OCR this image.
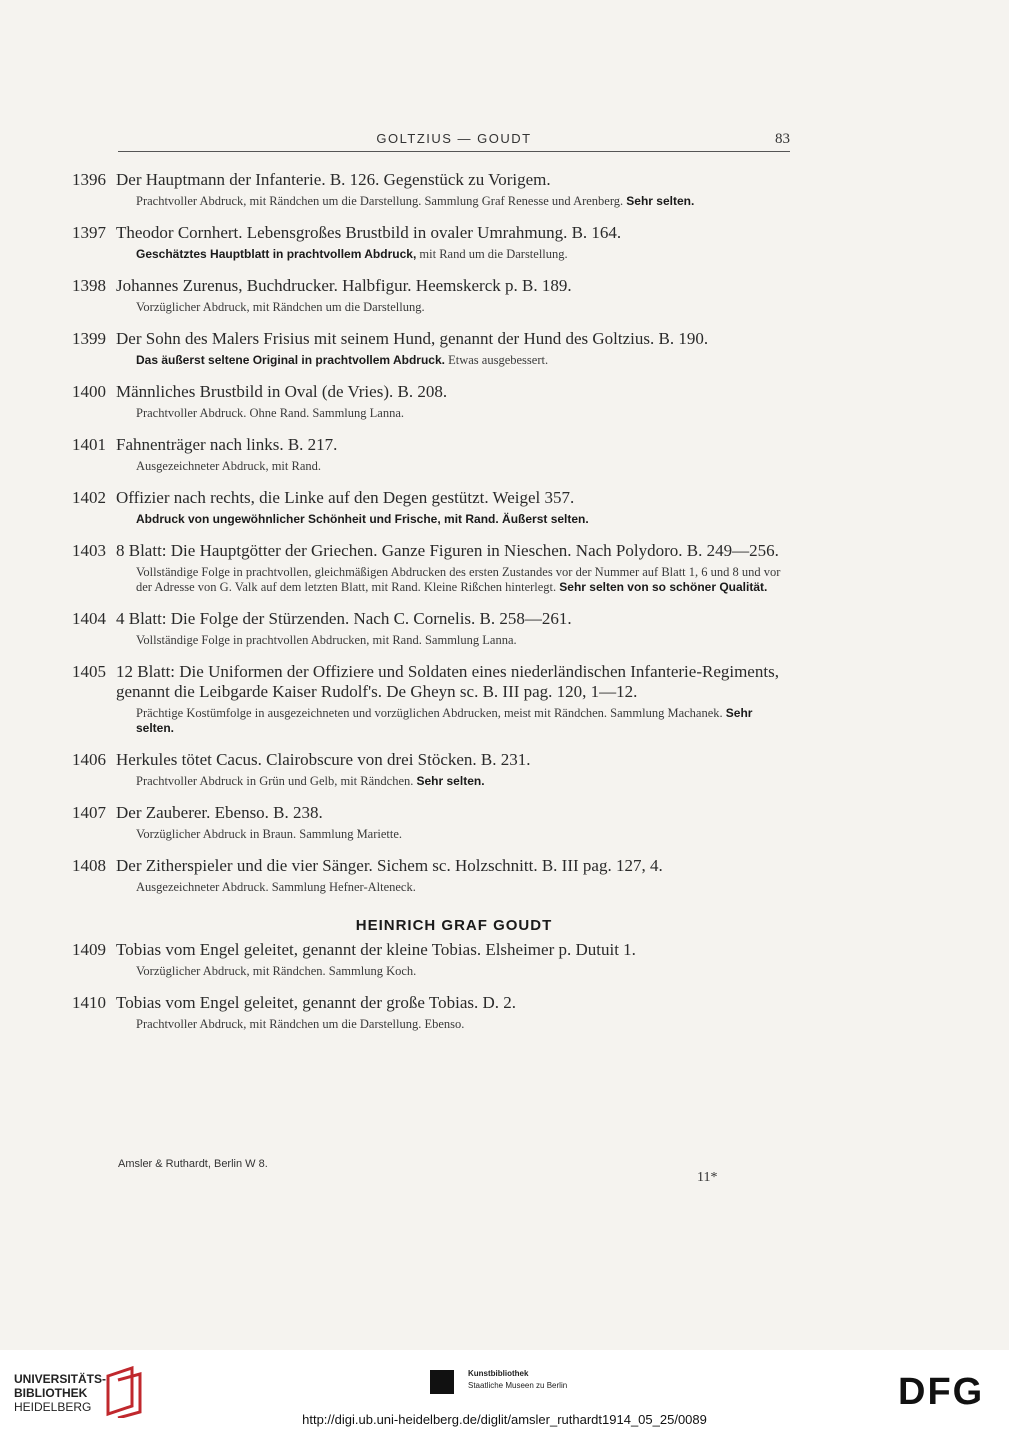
GOLTZIUS — GOUDT	83
1396 Der Hauptmann der Infanterie. B. 126. Gegenstück zu Vorigem.
Prachtvoller Abdruck, mit Rändchen um die Darstellung. Sammlung Graf Renesse und Arenberg. Sehr selten.
1397 Theodor Cornhert. Lebensgroßes Brustbild in ovaler Umrahmung. B. 164.
Geschätztes Hauptblatt in prachtvollem Abdruck, mit Rand um die Darstellung.
1398 Johannes Zurenus, Buchdrucker. Halbfigur. Heemskerck p. B. 189.
Vorzüglicher Abdruck, mit Rändchen um die Darstellung.
1399 Der Sohn des Malers Frisius mit seinem Hund, genannt der Hund des Goltzius. B. 190.
Das äußerst seltene Original in prachtvollem Abdruck. Etwas ausgebessert.
1400 Männliches Brustbild in Oval (de Vries). B. 208.
Prachtvoller Abdruck. Ohne Rand. Sammlung Lanna.
1401 Fahnenträger nach links. B. 217.
Ausgezeichneter Abdruck, mit Rand.
1402 Offizier nach rechts, die Linke auf den Degen gestützt. Weigel 357.
Abdruck von ungewöhnlicher Schönheit und Frische, mit Rand. Äußerst selten.
1403 8 Blatt: Die Hauptgötter der Griechen. Ganze Figuren in Nieschen. Nach Polydoro. B. 249—256.
Vollständige Folge in prachtvollen, gleichmäßigen Abdrucken des ersten Zustandes vor der Nummer auf Blatt 1, 6 und 8 und vor der Adresse von G. Valk auf dem letzten Blatt, mit Rand. Kleine Rißchen hinterlegt. Sehr selten von so schöner Qualität.
1404 4 Blatt: Die Folge der Stürzenden. Nach C. Cornelis. B. 258—261.
Vollständige Folge in prachtvollen Abdrucken, mit Rand. Sammlung Lanna.
1405 12 Blatt: Die Uniformen der Offiziere und Soldaten eines niederländischen Infanterie-Regiments, genannt die Leibgarde Kaiser Rudolf's. De Gheyn sc. B. III pag. 120, 1—12.
Prächtige Kostümfolge in ausgezeichneten und vorzüglichen Abdrucken, meist mit Rändchen. Sammlung Machanek. Sehr selten.
1406 Herkules tötet Cacus. Clairobscure von drei Stöcken. B. 231.
Prachtvoller Abdruck in Grün und Gelb, mit Rändchen. Sehr selten.
1407 Der Zauberer. Ebenso. B. 238.
Vorzüglicher Abdruck in Braun. Sammlung Mariette.
1408 Der Zitherspieler und die vier Sänger. Sichem sc. Holzschnitt. B. III pag. 127, 4.
Ausgezeichneter Abdruck. Sammlung Hefner-Alteneck.
HEINRICH GRAF GOUDT
1409 Tobias vom Engel geleitet, genannt der kleine Tobias. Elsheimer p. Dutuit 1.
Vorzüglicher Abdruck, mit Rändchen. Sammlung Koch.
1410 Tobias vom Engel geleitet, genannt der große Tobias. D. 2.
Prachtvoller Abdruck, mit Rändchen um die Darstellung. Ebenso.
Amsler & Ruthardt, Berlin W 8.
11*
UNIVERSITÄTS-
BIBLIOTHEK
HEIDELBERG
Kunstbibliothek
Staatliche Museen zu Berlin	DFG
http://digi.ub.uni-heidelberg.de/diglit/amsler_ruthardt1914_05_25/0089
